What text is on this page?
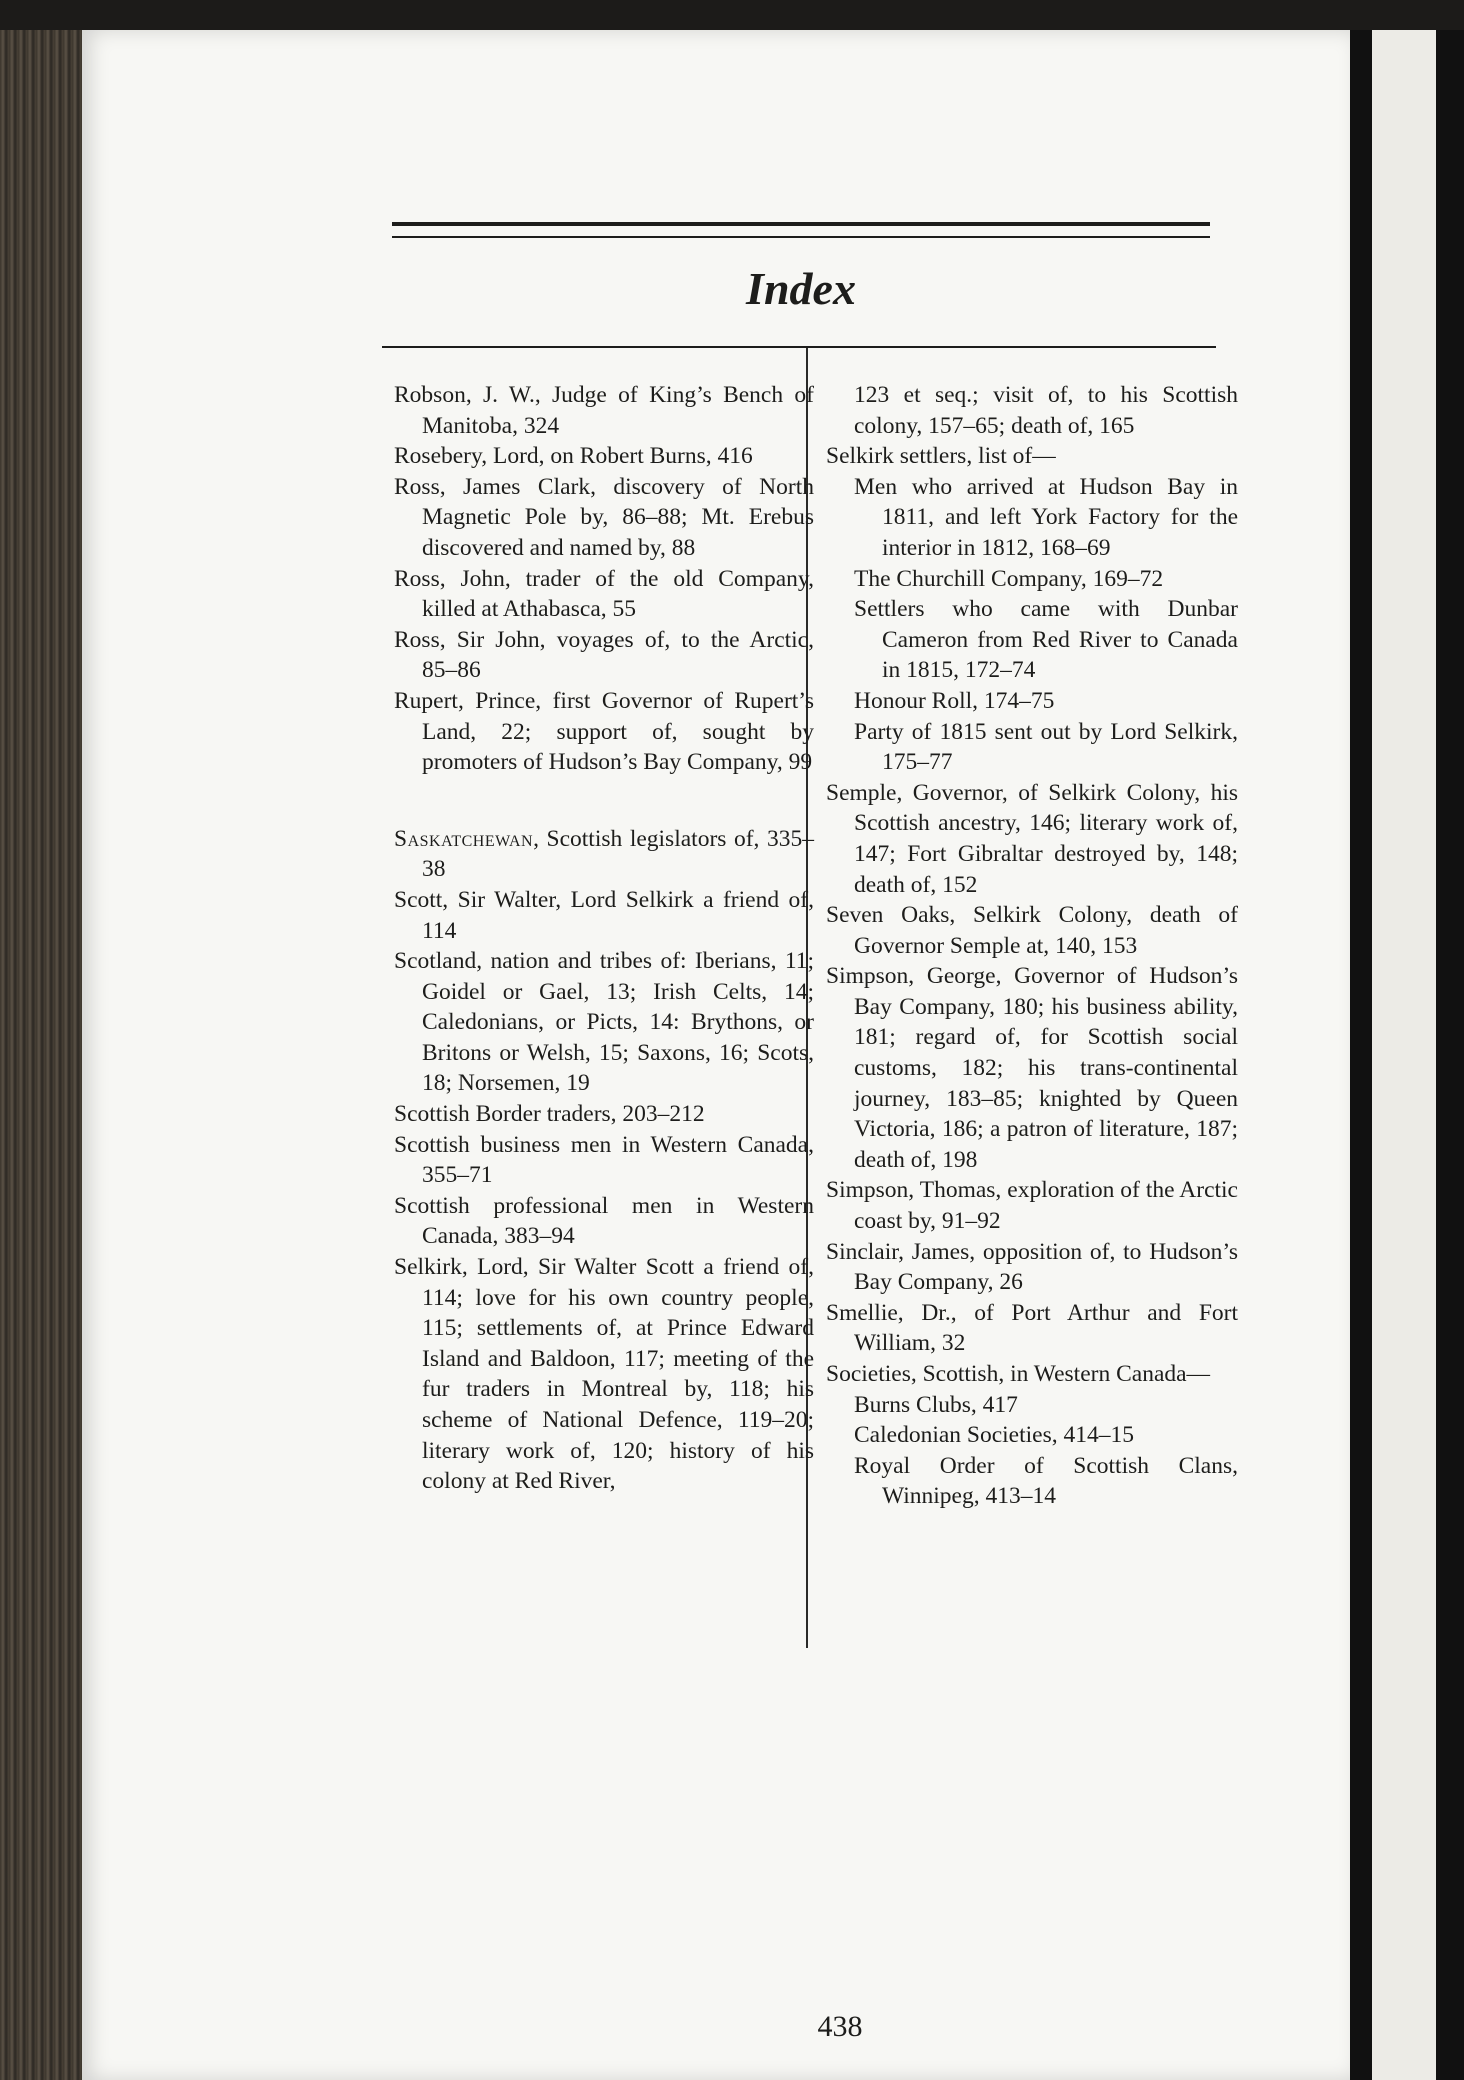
Index
Robson, J. W., Judge of King’s Bench of Manitoba, 324
Rosebery, Lord, on Robert Burns, 416
Ross, James Clark, discovery of North Magnetic Pole by, 86–88; Mt. Erebus discovered and named by, 88
Ross, John, trader of the old Company, killed at Athabasca, 55
Ross, Sir John, voyages of, to the Arctic, 85–86
Rupert, Prince, first Governor of Rupert’s Land, 22; support of, sought by promoters of Hudson’s Bay Company, 99
Saskatchewan, Scottish legislators of, 335–38
Scott, Sir Walter, Lord Selkirk a friend of, 114
Scotland, nation and tribes of: Iberians, 11; Goidel or Gael, 13; Irish Celts, 14; Caledonians, or Picts, 14: Brythons, or Britons or Welsh, 15; Saxons, 16; Scots, 18; Norsemen, 19
Scottish Border traders, 203–212
Scottish business men in Western Canada, 355–71
Scottish professional men in Western Canada, 383–94
Selkirk, Lord, Sir Walter Scott a friend of, 114; love for his own country people, 115; settlements of, at Prince Edward Island and Baldoon, 117; meeting of the fur traders in Montreal by, 118; his scheme of National Defence, 119–20; literary work of, 120; history of his colony at Red River,
123 et seq.; visit of, to his Scottish colony, 157–65; death of, 165
Selkirk settlers, list of—
Men who arrived at Hudson Bay in 1811, and left York Factory for the interior in 1812, 168–69
The Churchill Company, 169–72
Settlers who came with Dunbar Cameron from Red River to Canada in 1815, 172–74
Honour Roll, 174–75
Party of 1815 sent out by Lord Selkirk, 175–77
Semple, Governor, of Selkirk Colony, his Scottish ancestry, 146; literary work of, 147; Fort Gibraltar destroyed by, 148; death of, 152
Seven Oaks, Selkirk Colony, death of Governor Semple at, 140, 153
Simpson, George, Governor of Hudson’s Bay Company, 180; his business ability, 181; regard of, for Scottish social customs, 182; his trans-continental journey, 183–85; knighted by Queen Victoria, 186; a patron of literature, 187; death of, 198
Simpson, Thomas, exploration of the Arctic coast by, 91–92
Sinclair, James, opposition of, to Hudson’s Bay Company, 26
Smellie, Dr., of Port Arthur and Fort William, 32
Societies, Scottish, in Western Canada—
Burns Clubs, 417
Caledonian Societies, 414–15
Royal Order of Scottish Clans, Winnipeg, 413–14
438
